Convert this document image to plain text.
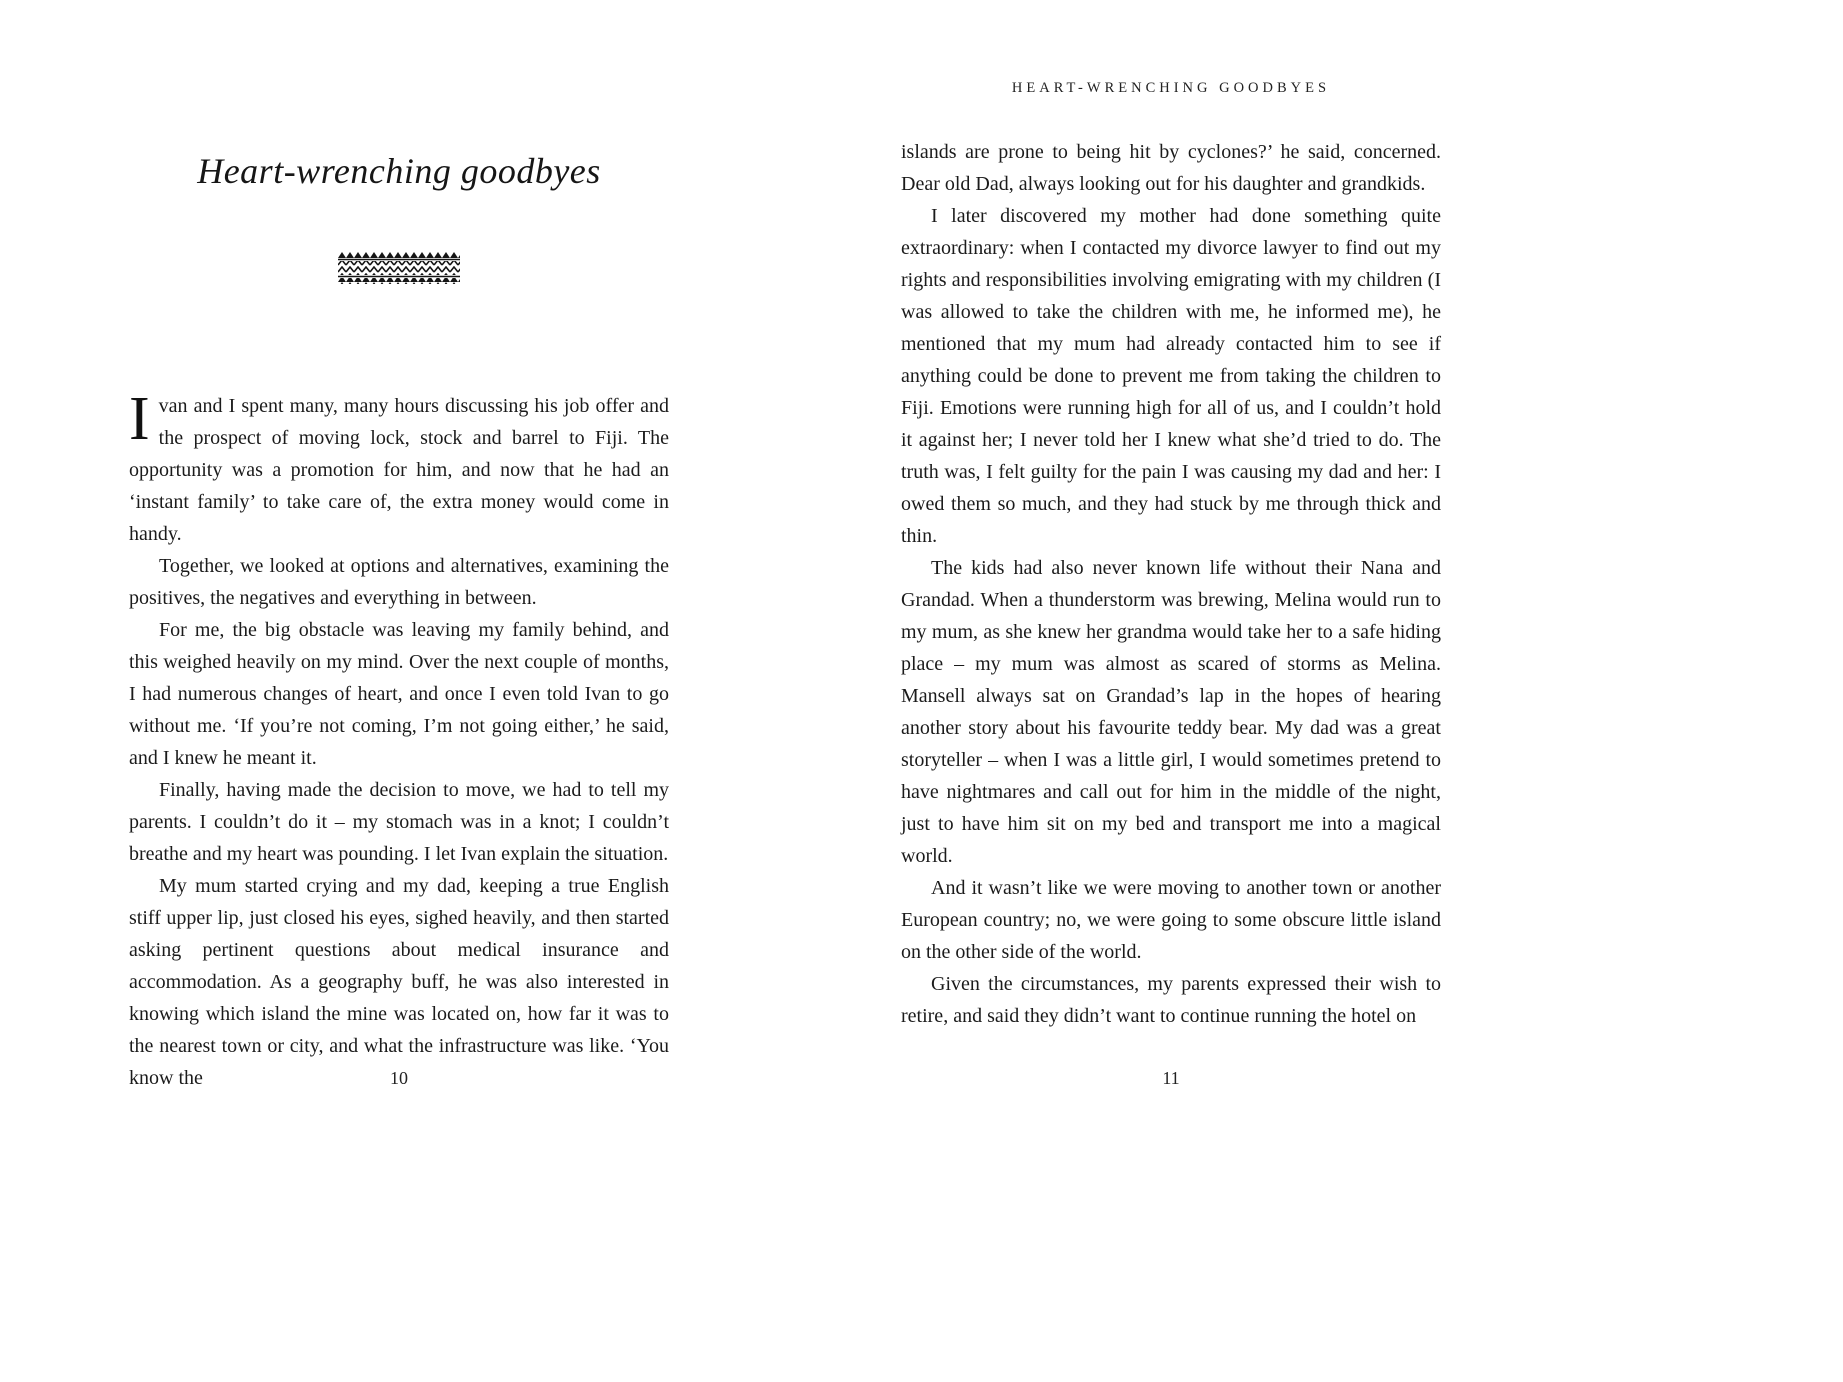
Heart-wrenching goodbyes

Ivan and I spent many, many hours discussing his job offer and the prospect of moving lock, stock and barrel to Fiji. The opportunity was a promotion for him, and now that he had an ‘instant family’ to take care of, the extra money would come in handy.

Together, we looked at options and alternatives, examining the positives, the negatives and everything in between.

For me, the big obstacle was leaving my family behind, and this weighed heavily on my mind. Over the next couple of months, I had numerous changes of heart, and once I even told Ivan to go without me. ‘If you’re not coming, I’m not going either,’ he said, and I knew he meant it.

Finally, having made the decision to move, we had to tell my parents. I couldn’t do it – my stomach was in a knot; I couldn’t breathe and my heart was pounding. I let Ivan explain the situation.

My mum started crying and my dad, keeping a true English stiff upper lip, just closed his eyes, sighed heavily, and then started asking pertinent questions about medical insurance and accommodation. As a geography buff, he was also interested in knowing which island the mine was located on, how far it was to the nearest town or city, and what the infrastructure was like. ‘You know the	10
HEART-WRENCHING GOODBYES

islands are prone to being hit by cyclones?’ he said, concerned. Dear old Dad, always looking out for his daughter and grandkids.

I later discovered my mother had done something quite extraordinary: when I contacted my divorce lawyer to find out my rights and responsibilities involving emigrating with my children (I was allowed to take the children with me, he informed me), he mentioned that my mum had already contacted him to see if anything could be done to prevent me from taking the children to Fiji. Emotions were running high for all of us, and I couldn’t hold it against her; I never told her I knew what she’d tried to do. The truth was, I felt guilty for the pain I was causing my dad and her: I owed them so much, and they had stuck by me through thick and thin.

The kids had also never known life without their Nana and Grandad. When a thunderstorm was brewing, Melina would run to my mum, as she knew her grandma would take her to a safe hiding place – my mum was almost as scared of storms as Melina. Mansell always sat on Grandad’s lap in the hopes of hearing another story about his favourite teddy bear. My dad was a great storyteller – when I was a little girl, I would sometimes pretend to have nightmares and call out for him in the middle of the night, just to have him sit on my bed and transport me into a magical world.

And it wasn’t like we were moving to another town or another European country; no, we were going to some obscure little island on the other side of the world.

Given the circumstances, my parents expressed their wish to retire, and said they didn’t want to continue running the hotel on

11
